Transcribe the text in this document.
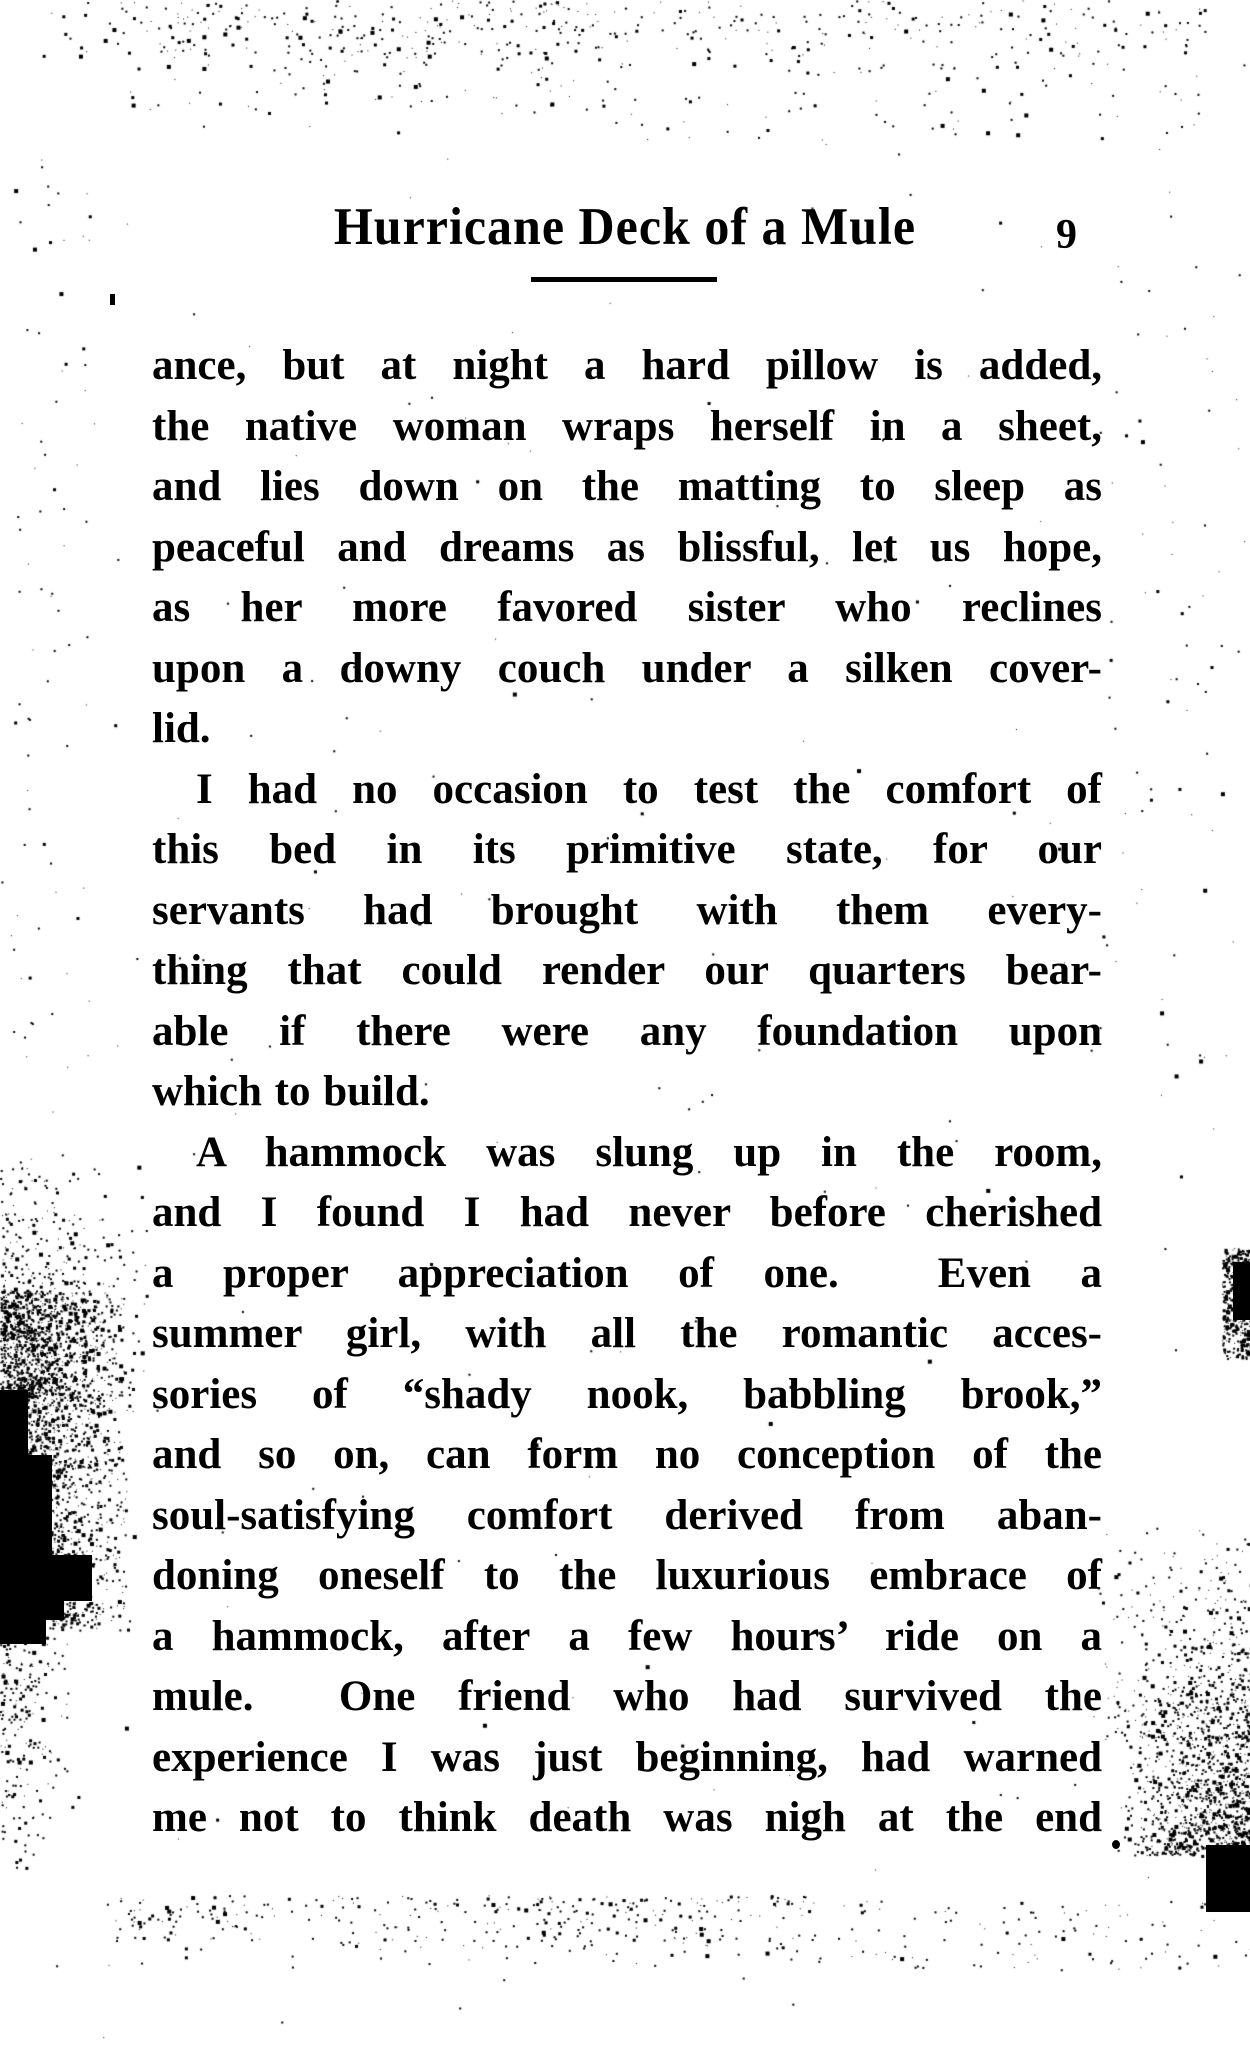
Hurricane Deck of a Mule	9
ance, but at night a hard pillow is added,
the native woman wraps herself in a sheet,
and lies down on the matting to sleep as
peaceful and dreams as blissful, let us hope,
as her more favored sister who reclines
upon a downy couch under a silken cover-
lid.
I had no occasion to test the comfort of
this bed in its primitive state, for our
servants had brought with them every-
thing that could render our quarters bear-
able if there were any foundation upon
which to build.
A hammock was slung up in the room,
and I found I had never before cherished
a proper appreciation of one.  Even a
summer girl, with all the romantic acces-
sories of “shady nook, babbling brook,”
and so on, can form no conception of the
soul-satisfying comfort derived from aban-
doning oneself to the luxurious embrace of
a hammock, after a few hours’ ride on a
mule.  One friend who had survived the
experience I was just beginning, had warned
me not to think death was nigh at the end
